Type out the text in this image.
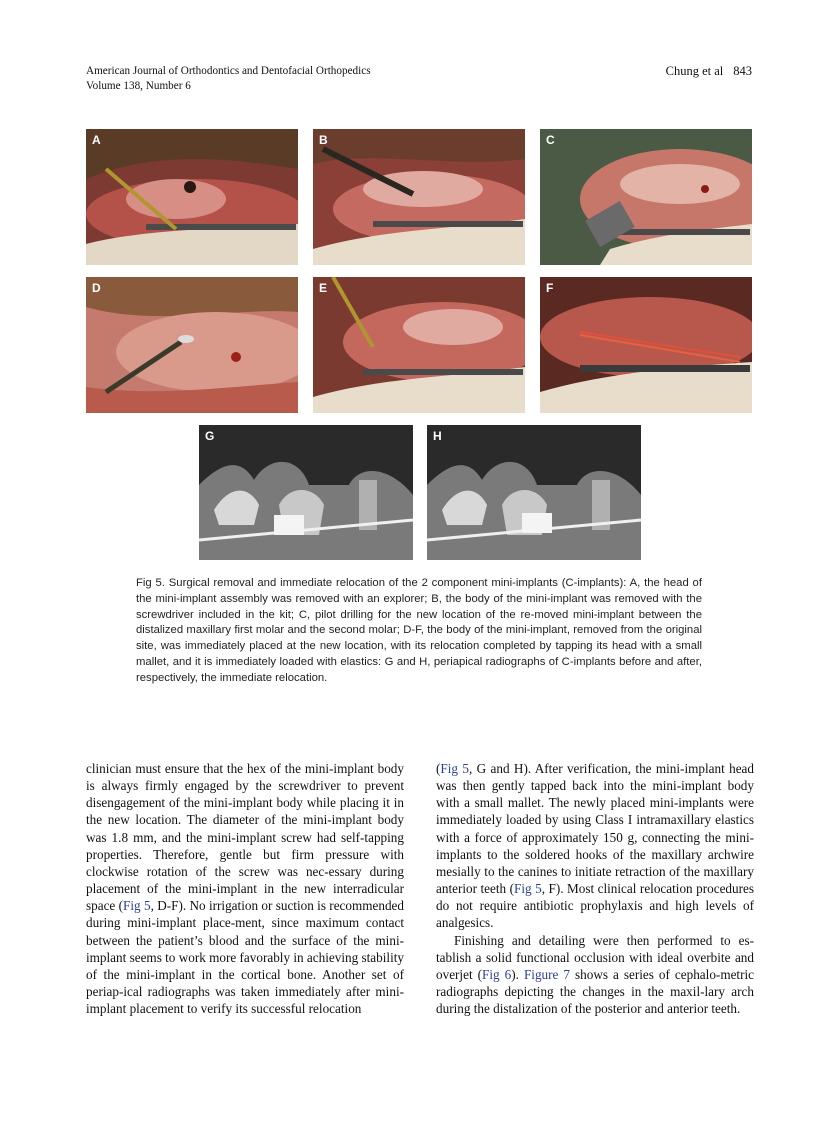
American Journal of Orthodontics and Dentofacial Orthopedics
Volume 138, Number 6
Chung et al 843
A	B	C
D	E	F
G	H
Fig 5. Surgical removal and immediate relocation of the 2 component mini-implants (C-implants): A, the head of the mini-implant assembly was removed with an explorer; B, the body of the mini-implant was removed with the screwdriver included in the kit; C, pilot drilling for the new location of the re-moved mini-implant between the distalized maxillary first molar and the second molar; D-F, the body of the mini-implant, removed from the original site, was immediately placed at the new location, with its relocation completed by tapping its head with a small mallet, and it is immediately loaded with elastics: G and H, periapical radiographs of C-implants before and after, respectively, the immediate relocation.
clinician must ensure that the hex of the mini-implant body is always firmly engaged by the screwdriver to prevent disengagement of the mini-implant body while placing it in the new location. The diameter of the mini-implant body was 1.8 mm, and the mini-implant screw had self-tapping properties. Therefore, gentle but firm pressure with clockwise rotation of the screw was nec-essary during placement of the mini-implant in the new interradicular space (Fig 5, D-F). No irrigation or suction is recommended during mini-implant place-ment, since maximum contact between the patient’s blood and the surface of the mini-implant seems to work more favorably in achieving stability of the mini-implant in the cortical bone. Another set of periap-ical radiographs was taken immediately after mini-implant placement to verify its successful relocation
(Fig 5, G and H). After verification, the mini-implant head was then gently tapped back into the mini-implant body with a small mallet. The newly placed mini-implants were immediately loaded by using Class I intramaxillary elastics with a force of approximately 150 g, connecting the mini-implants to the soldered hooks of the maxillary archwire mesially to the canines to initiate retraction of the maxillary anterior teeth (Fig 5, F). Most clinical relocation procedures do not require antibiotic prophylaxis and high levels of analgesics.
Finishing and detailing were then performed to es-tablish a solid functional occlusion with ideal overbite and overjet (Fig 6). Figure 7 shows a series of cephalo-metric radiographs depicting the changes in the maxil-lary arch during the distalization of the posterior and anterior teeth.
